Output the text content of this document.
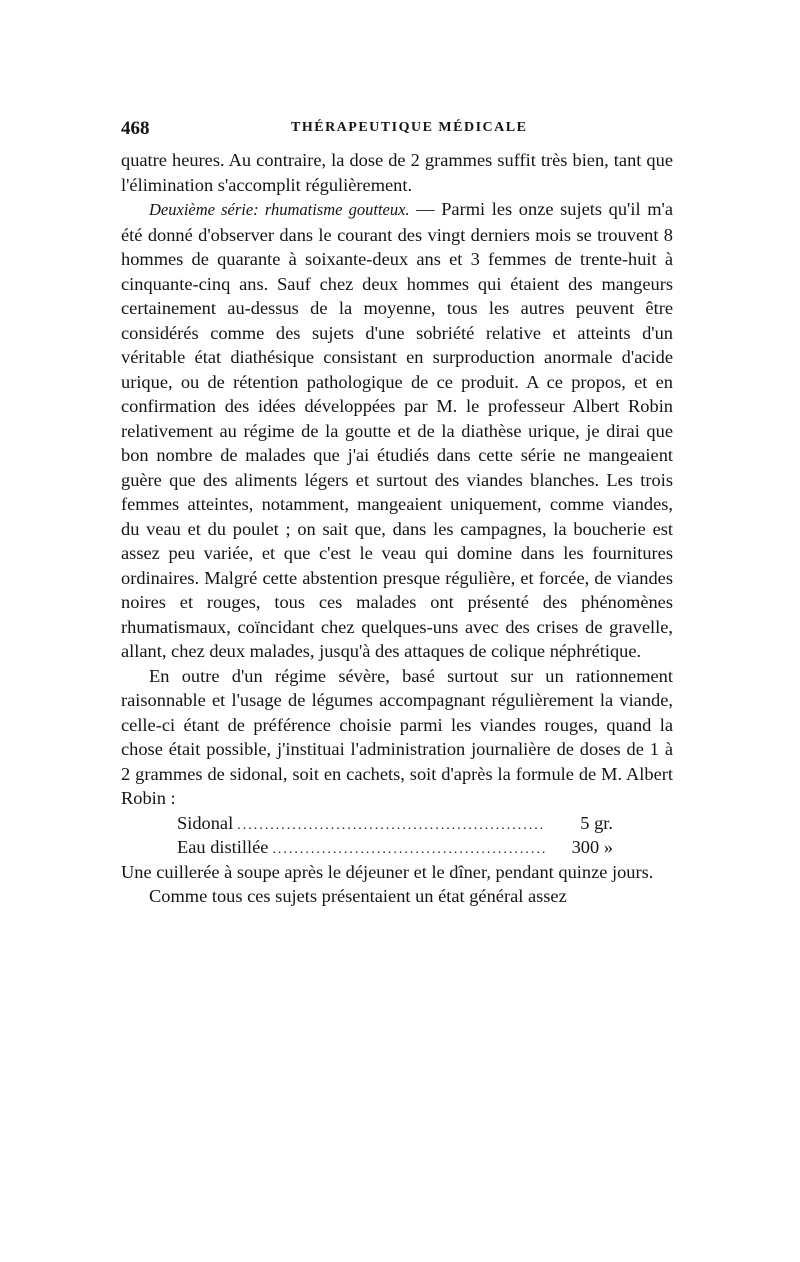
468	THÉRAPEUTIQUE MÉDICALE

quatre heures. Au contraire, la dose de 2 grammes suffit très bien, tant que l'élimination s'accomplit régulièrement.

Deuxième série: rhumatisme goutteux. — Parmi les onze sujets qu'il m'a été donné d'observer dans le courant des vingt derniers mois se trouvent 8 hommes de quarante à soixante-deux ans et 3 femmes de trente-huit à cinquante-cinq ans. Sauf chez deux hommes qui étaient des mangeurs certainement au-dessus de la moyenne, tous les autres peuvent être considérés comme des sujets d'une sobriété relative et atteints d'un véritable état diathésique consistant en surproduction anormale d'acide urique, ou de rétention pathologique de ce produit. A ce propos, et en confirmation des idées développées par M. le professeur Albert Robin relativement au régime de la goutte et de la diathèse urique, je dirai que bon nombre de malades que j'ai étudiés dans cette série ne mangeaient guère que des aliments légers et surtout des viandes blanches. Les trois femmes atteintes, notamment, mangeaient uniquement, comme viandes, du veau et du poulet ; on sait que, dans les campagnes, la boucherie est assez peu variée, et que c'est le veau qui domine dans les fournitures ordinaires. Malgré cette abstention presque régulière, et forcée, de viandes noires et rouges, tous ces malades ont présenté des phénomènes rhumatismaux, coïncidant chez quelques-uns avec des crises de gravelle, allant, chez deux malades, jusqu'à des attaques de colique néphrétique.

En outre d'un régime sévère, basé surtout sur un rationnement raisonnable et l'usage de légumes accompagnant régulièrement la viande, celle-ci étant de préférence choisie parmi les viandes rouges, quand la chose était possible, j'instituai l'administration journalière de doses de 1 à 2 grammes de sidonal, soit en cachets, soit d'après la formule de M. Albert Robin :

Sidonal .....	5 gr.
Eau distillée .....	300 »

Une cuillerée à soupe après le déjeuner et le dîner, pendant quinze jours.

Comme tous ces sujets présentaient un état général assez
